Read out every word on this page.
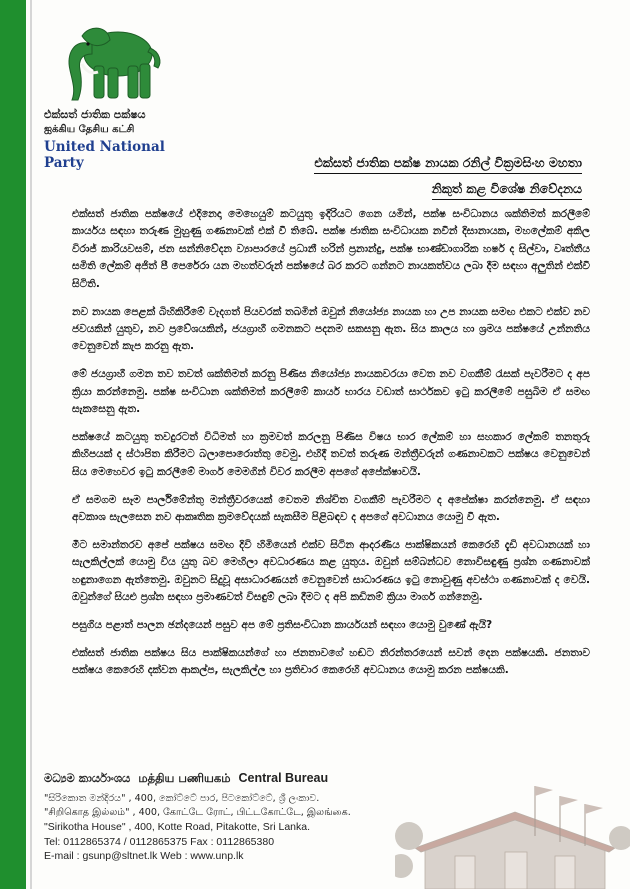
එක්සත් ජාතික පක්ෂය
ஐக்கிய தேசிய கட்சி
United National Party	එක්සත් ජාතික පක්ෂ නායක රනිල් වික්‍රමසිංහ මහතා
නිකුත් කළ විශේෂ නිවේදනය

එක්සත් ජාතික පක්ෂයේ එදිනෙදා මෙහෙයුම් කටයුතු ඉදිරියට ගෙන යමින්, පක්ෂ සංවිධානය ශක්තිමත් කරලීමේ කාර්යය සඳහා තරුණ මුහුණු ගණනාවක් එක් වී තිබේ. පක්ෂ ජාතික සංවිධායක නවීන් දිසානායක, මහලේකම් අකිල විරාජ් කාරියවසම්, ජන සන්නිවේදන ව්‍යාපාරයේ ප්‍රධානී හරින් ප්‍රනාන්දු, පක්ෂ භාණ්ඩාගාරික හර්ෂ ද සිල්වා, වෘත්තීය සමිති ලේකම් අජිත් පී පෙරේරා යන මහත්වරුන් පක්ෂයේ බර කරට ගන්නට නායකත්වය ලබා දීම සඳහා අලුතින් එක්වී සිටිති.

නව නායක පෙළක් බිහිකිරීමේ වැදගත් පියවරක් තබමින් ඔවුන් නියෝජ්‍ය නායක හා උප නායක සමඟ එකට එක්ව නව ජවයකින් යුතුව, නව ප්‍රවේශයකින්, ජයග්‍රාහී ගමනකට පදනම සකසනු ඇත. සිය කාලය හා ශ්‍රමය පක්ෂයේ උන්නතිය වෙනුවෙන් කැප කරනු ඇත.

මේ ජයග්‍රාහී ගමන තව තවත් ශක්තිමත් කරනු පිණිස නියෝජ්‍ය නායකවරයා වෙත නව වගකීම් රැසක් පැවරීමට ද අප ක්‍රියා කරන්නෙමු. පක්ෂ සංවිධාන ශක්තිමත් කරලීමේ කාර්ය භාරය වඩාත් සාර්ථකව ඉටු කරලීමේ පසුබිම ඒ සමඟ සැකසෙනු ඇත.

පක්ෂයේ කටයුතු තවදුරටත් විධිමත් හා ක්‍රමවත් කරලනු පිණිස විෂය භාර ලේකම් හා සහකාර ලේකම් තනතුරු කිහිපයක් ද ස්ථාපිත කිරීමට බලාපොරොත්තු වෙමු. එහිදී තවත් තරුණ මන්ත්‍රීවරුන් ගණනාවකට පක්ෂය වෙනුවෙන් සිය මෙහෙවර ඉටු කරලීමේ මාර්ග මෙමගින් විවර කරලීම අපගේ අපේක්ෂාවයි.

ඒ සමගම සෑම පාර්ලිමේන්තු මන්ත්‍රීවරයෙක් වෙතම නිශ්චිත වගකීම් පැවරීමට ද අපේක්ෂා කරන්නෙමු. ඒ සඳහා අවකාශ සැලසෙන නව ආකෘතික ක්‍රමවේදයක් සැකසීම පිළිබඳව ද අපගේ අවධානය යොමු වී ඇත.

මීට සමාන්තරව අපේ පක්ෂය සමඟ දිවි හිමියෙන් එක්ව සිටින ආදරණීය පාක්ෂිකයන් කෙරෙහි දැඩි අවධානයක් හා සැලකිල්ලක් යොමු විය යුතු බව මෙහිලා අවධාරණය කළ යුතුය. ඔවුන් සම්බන්ධව නොවිසඳුණු ප්‍රශ්න ගණනාවක් හඳුනාගෙන ඇත්තෙමු. ඔවුනට සිදුවූ අසාධාරණයන් වෙනුවෙන් සාධාරණය ඉටු නොවුණු අවස්ථා ගණනාවක් ද වෙයි. ඔවුන්ගේ සියළු ප්‍රශ්න සඳහා ප්‍රමාණවත් විසඳුම් ලබා දීමට ද අපි කඩිනම් ක්‍රියා මාර්ග ගන්නෙමු.

පසුගිය පළාත් පාලන ඡන්දයෙන් පසුව අප මේ ප්‍රතිසංවිධාන කාර්යයන් සඳහා යොමු වුණේ ඇයි?

එක්සත් ජාතික පක්ෂය සිය පාක්ෂිකයන්ගේ හා ජනතාවගේ හඬට නිරන්තරයෙන් සවන් දෙන පක්ෂයකි. ජනතාව පක්ෂය කෙරෙහි දක්වන ආකල්ප, සැලකිල්ල හා ප්‍රතිචාර කෙරෙහි අවධානය යොමු කරන පක්ෂයකි.

මධ්‍යම කාර්යාංශය மத்திய பணியகம் Central Bureau
"සිරිකොත මන්දිරය" , 400, කෝට්ටේ පාර, පිටකෝට්ටේ, ශ්‍රී ලංකාව.
"சிறிகொத இல்லம்" , 400, கோட்டே ரோட், பிட்டகோட்டே, இலங்கை.
"Sirikotha House" , 400, Kotte Road, Pitakotte, Sri Lanka.
Tel: 0112865374 / 0112865375 Fax : 0112865380
E-mail : gsunp@sltnet.lk Web : www.unp.lk
